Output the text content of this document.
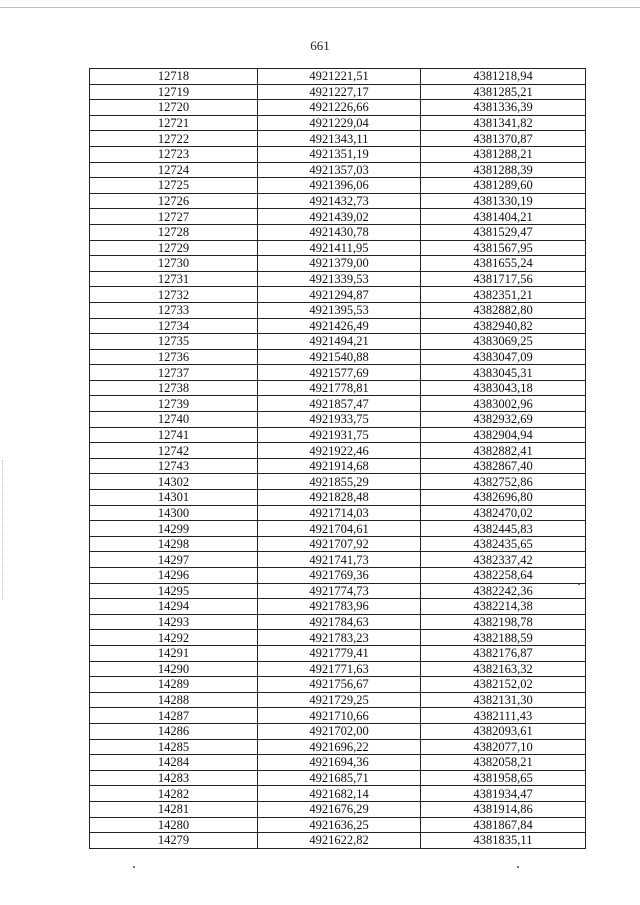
661
12718	4921221,51	4381218,94
12719	4921227,17	4381285,21
12720	4921226,66	4381336,39
12721	4921229,04	4381341,82
12722	4921343,11	4381370,87
12723	4921351,19	4381288,21
12724	4921357,03	4381288,39
12725	4921396,06	4381289,60
12726	4921432,73	4381330,19
12727	4921439,02	4381404,21
12728	4921430,78	4381529,47
12729	4921411,95	4381567,95
12730	4921379,00	4381655,24
12731	4921339,53	4381717,56
12732	4921294,87	4382351,21
12733	4921395,53	4382882,80
12734	4921426,49	4382940,82
12735	4921494,21	4383069,25
12736	4921540,88	4383047,09
12737	4921577,69	4383045,31
12738	4921778,81	4383043,18
12739	4921857,47	4383002,96
12740	4921933,75	4382932,69
12741	4921931,75	4382904,94
12742	4921922,46	4382882,41
12743	4921914,68	4382867,40
14302	4921855,29	4382752,86
14301	4921828,48	4382696,80
14300	4921714,03	4382470,02
14299	4921704,61	4382445,83
14298	4921707,92	4382435,65
14297	4921741,73	4382337,42
14296	4921769,36	4382258,64
14295	4921774,73	4382242,36
14294	4921783,96	4382214,38
14293	4921784,63	4382198,78
14292	4921783,23	4382188,59
14291	4921779,41	4382176,87
14290	4921771,63	4382163,32
14289	4921756,67	4382152,02
14288	4921729,25	4382131,30
14287	4921710,66	4382111,43
14286	4921702,00	4382093,61
14285	4921696,22	4382077,10
14284	4921694,36	4382058,21
14283	4921685,71	4381958,65
14282	4921682,14	4381934,47
14281	4921676,29	4381914,86
14280	4921636,25	4381867,84
14279	4921622,82	4381835,11
